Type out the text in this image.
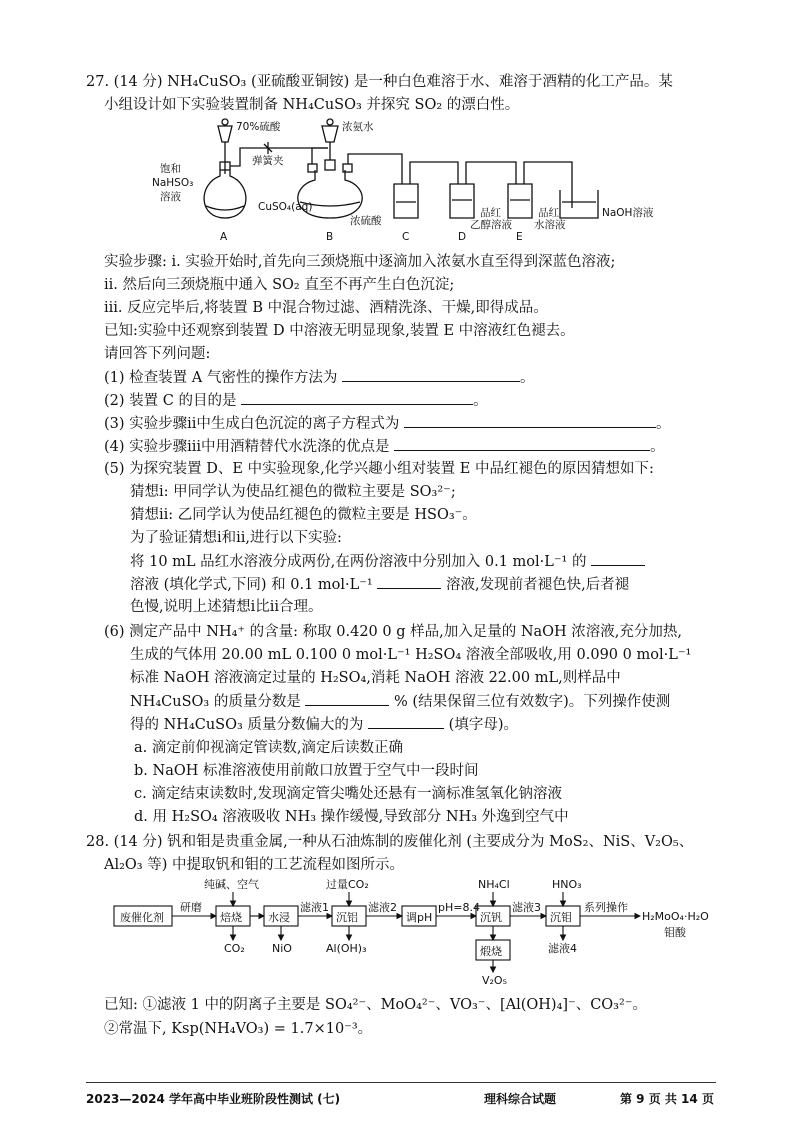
27. (14 分) NH₄CuSO₃ (亚硫酸亚铜铵) 是一种白色难溶于水、难溶于酒精的化工产品。某
小组设计如下实验装置制备 NH₄CuSO₃ 并探究 SO₂ 的漂白性。
70%硫酸	浓氨水
弹簧夹
饱和
NaHSO₃
溶液
CuSO₄(aq)
浓硫酸
品红
乙醇溶液
品红
水溶液
NaOH溶液
A	B	C	D	E
实验步骤: ⅰ. 实验开始时,首先向三颈烧瓶中逐滴加入浓氨水直至得到深蓝色溶液;
ⅱ. 然后向三颈烧瓶中通入 SO₂ 直至不再产生白色沉淀;
ⅲ. 反应完毕后,将装置 B 中混合物过滤、酒精洗涤、干燥,即得成品。
已知:实验中还观察到装置 D 中溶液无明显现象,装置 E 中溶液红色褪去。
请回答下列问题:
(1) 检查装置 A 气密性的操作方法为	。
(2) 装置 C 的目的是	。
(3) 实验步骤ⅱ中生成白色沉淀的离子方程式为	。
(4) 实验步骤ⅲ中用酒精替代水洗涤的优点是	。
(5) 为探究装置 D、E 中实验现象,化学兴趣小组对装置 E 中品红褪色的原因猜想如下:
猜想ⅰ: 甲同学认为使品红褪色的微粒主要是 SO₃²⁻;
猜想ⅱ: 乙同学认为使品红褪色的微粒主要是 HSO₃⁻。
为了验证猜想ⅰ和ⅱ,进行以下实验:
将 10 mL 品红水溶液分成两份,在两份溶液中分别加入 0.1 mol·L⁻¹ 的
溶液 (填化学式,下同) 和 0.1 mol·L⁻¹	溶液,发现前者褪色快,后者褪
色慢,说明上述猜想ⅰ比ⅱ合理。
(6) 测定产品中 NH₄⁺ 的含量: 称取 0.420 0 g 样品,加入足量的 NaOH 浓溶液,充分加热,
生成的气体用 20.00 mL 0.100 0 mol·L⁻¹ H₂SO₄ 溶液全部吸收,用 0.090 0 mol·L⁻¹
标准 NaOH 溶液滴定过量的 H₂SO₄,消耗 NaOH 溶液 22.00 mL,则样品中
NH₄CuSO₃ 的质量分数是	% (结果保留三位有效数字)。下列操作使测
得的 NH₄CuSO₃ 质量分数偏大的为	(填字母)。
a. 滴定前仰视滴定管读数,滴定后读数正确
b. NaOH 标准溶液使用前敞口放置于空气中一段时间
c. 滴定结束读数时,发现滴定管尖嘴处还悬有一滴标准氢氧化钠溶液
d. 用 H₂SO₄ 溶液吸收 NH₃ 操作缓慢,导致部分 NH₃ 外逸到空气中
28. (14 分) 钒和钼是贵重金属,一种从石油炼制的废催化剂 (主要成分为 MoS₂、NiS、V₂O₅、
Al₂O₃ 等) 中提取钒和钼的工艺流程如图所示。
废催化剂
研磨
纯碱、空气
焙烧
CO₂
水浸
NiO
滤液1
过量CO₂
沉铝
Al(OH)₃
滤液2
调pH
pH=8.4
NH₄Cl
沉钒
煅烧
V₂O₅
滤液3
HNO₃
沉钼
滤液4
系列操作
H₂MoO₄·H₂O
钼酸
已知: ①滤液 1 中的阴离子主要是 SO₄²⁻、MoO₄²⁻、VO₃⁻、[Al(OH)₄]⁻、CO₃²⁻。
②常温下, Ksp(NH₄VO₃) = 1.7×10⁻³。
2023—2024 学年高中毕业班阶段性测试 (七)	理科综合试题	第 9 页 共 14 页
